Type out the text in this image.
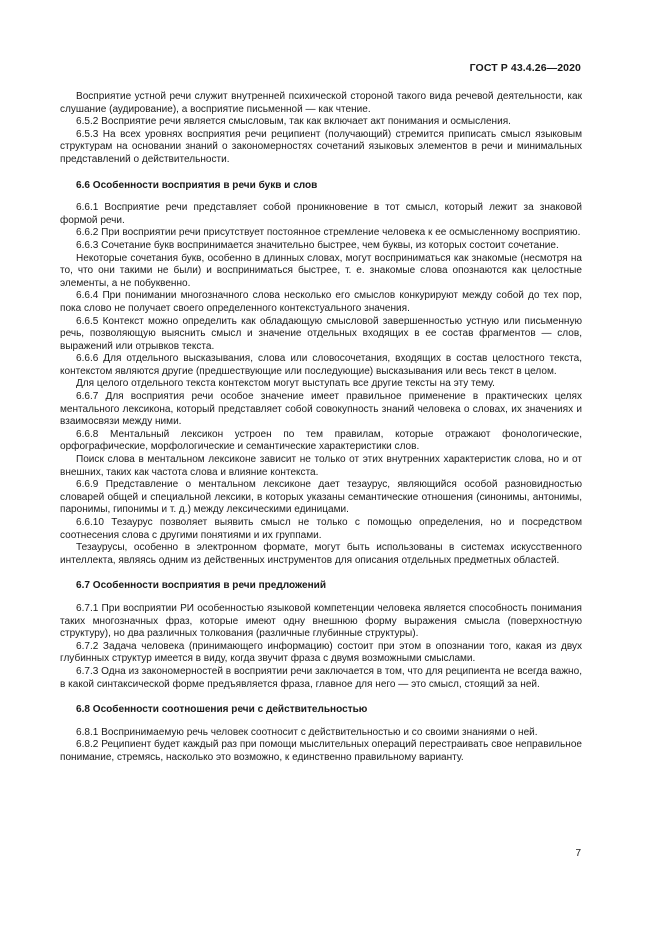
ГОСТ Р 43.4.26—2020

Восприятие устной речи служит внутренней психической стороной такого вида речевой деятельности, как слушание (аудирование), а восприятие письменной — как чтение.

6.5.2 Восприятие речи является смысловым, так как включает акт понимания и осмысления.

6.5.3 На всех уровнях восприятия речи реципиент (получающий) стремится приписать смысл языковым структурам на основании знаний о закономерностях сочетаний языковых элементов в речи и минимальных представлений о действительности.

6.6 Особенности восприятия в речи букв и слов

6.6.1 Восприятие речи представляет собой проникновение в тот смысл, который лежит за знаковой формой речи.

6.6.2 При восприятии речи присутствует постоянное стремление человека к ее осмысленному восприятию.

6.6.3 Сочетание букв воспринимается значительно быстрее, чем буквы, из которых состоит сочетание.

Некоторые сочетания букв, особенно в длинных словах, могут восприниматься как знакомые (несмотря на то, что они такими не были) и восприниматься быстрее, т. е. знакомые слова опознаются как целостные элементы, а не побуквенно.

6.6.4 При понимании многозначного слова несколько его смыслов конкурируют между собой до тех пор, пока слово не получает своего определенного контекстуального значения.

6.6.5 Контекст можно определить как обладающую смысловой завершенностью устную или письменную речь, позволяющую выяснить смысл и значение отдельных входящих в ее состав фрагментов — слов, выражений или отрывков текста.

6.6.6 Для отдельного высказывания, слова или словосочетания, входящих в состав целостного текста, контекстом являются другие (предшествующие или последующие) высказывания или весь текст в целом.

Для целого отдельного текста контекстом могут выступать все другие тексты на эту тему.

6.6.7 Для восприятия речи особое значение имеет правильное применение в практических целях ментального лексикона, который представляет собой совокупность знаний человека о словах, их значениях и взаимосвязи между ними.

6.6.8 Ментальный лексикон устроен по тем правилам, которые отражают фонологические, орфографические, морфологические и семантические характеристики слов.

Поиск слова в ментальном лексиконе зависит не только от этих внутренних характеристик слова, но и от внешних, таких как частота слова и влияние контекста.

6.6.9 Представление о ментальном лексиконе дает тезаурус, являющийся особой разновидностью словарей общей и специальной лексики, в которых указаны семантические отношения (синонимы, антонимы, паронимы, гипонимы и т. д.) между лексическими единицами.

6.6.10 Тезаурус позволяет выявить смысл не только с помощью определения, но и посредством соотнесения слова с другими понятиями и их группами.

Тезаурусы, особенно в электронном формате, могут быть использованы в системах искусственного интеллекта, являясь одним из действенных инструментов для описания отдельных предметных областей.

6.7 Особенности восприятия в речи предложений

6.7.1 При восприятии РИ особенностью языковой компетенции человека является способность понимания таких многозначных фраз, которые имеют одну внешнюю форму выражения смысла (поверхностную структуру), но два различных толкования (различные глубинные структуры).

6.7.2 Задача человека (принимающего информацию) состоит при этом в опознании того, какая из двух глубинных структур имеется в виду, когда звучит фраза с двумя возможными смыслами.

6.7.3 Одна из закономерностей в восприятии речи заключается в том, что для реципиента не всегда важно, в какой синтаксической форме предъявляется фраза, главное для него — это смысл, стоящий за ней.

6.8 Особенности соотношения речи с действительностью

6.8.1 Воспринимаемую речь человек соотносит с действительностью и со своими знаниями о ней.

6.8.2 Реципиент будет каждый раз при помощи мыслительных операций перестраивать свое неправильное понимание, стремясь, насколько это возможно, к единственно правильному варианту.

7
